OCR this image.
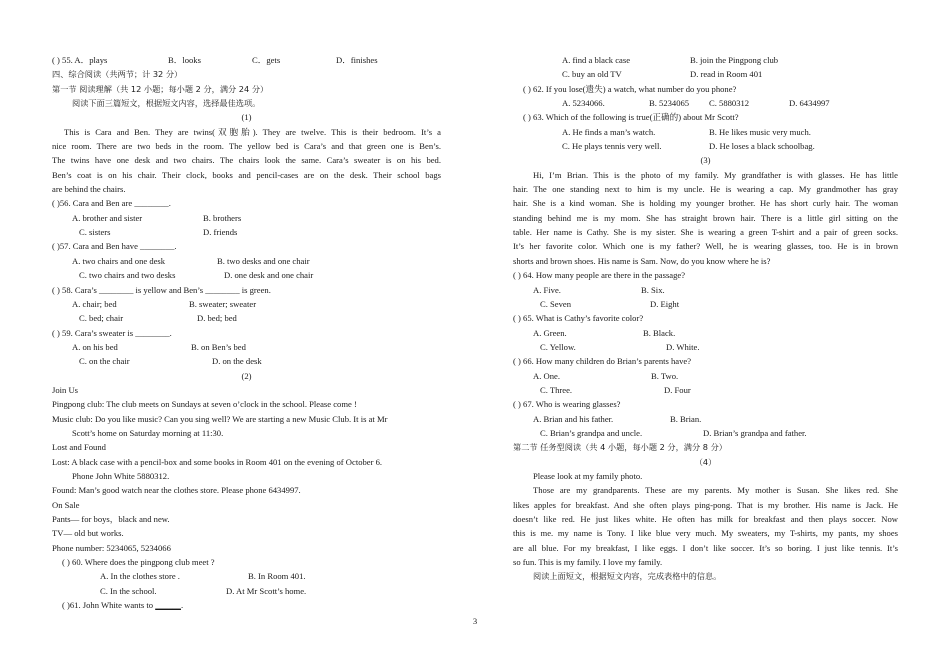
( ) 55. A．plays	B．looks	C．gets	D．finishes
四、综合阅读（共两节；计 32 分）
第一节 阅读理解（共 12 小题；每小题 2 分，满分 24 分）
阅读下面三篇短文，根据短文内容，选择最佳选项。
(1)
This is Cara and Ben. They are twins(双胞胎). They are twelve. This is their bedroom. It’s a
nice room. There are two beds in the room. The yellow bed is Cara’s and that green one is Ben’s.
The twins have one desk and two chairs. The chairs look the same. Cara’s sweater is on his bed.
Ben’s coat is on his chair. Their clock, books and pencil-cases are on the desk. Their school bags
are behind the chairs.
( )56. Cara and Ben are ________.
A. brother and sister	B. brothers
C. sisters	D. friends
( )57. Cara and Ben have ________.
A. two chairs and one desk	B. two desks and one chair
C. two chairs and two desks	D. one desk and one chair
( ) 58. Cara’s ________ is yellow and Ben’s ________ is green.
A. chair; bed	B. sweater; sweater
C. bed; chair	D. bed; bed
( ) 59. Cara’s sweater is ________.
A. on his bed	B. on Ben’s bed
C. on the chair	D. on the desk
(2)
Join Us
Pingpong club: The club meets on Sundays at seven o’clock in the school. Please come !
Music club: Do you like music? Can you sing well? We are starting a new Music Club. It is at Mr
Scott’s home on Saturday morning at 11:30.
Lost and Found
Lost: A black case with a pencil-box and some books in Room 401 on the evening of October 6.
Phone John White 5880312.
Found: Man’s good watch near the clothes store. Please phone 6434997.
On Sale
Pants— for boys，black and new.
TV— old but works.
Phone number: 5234065, 5234066
( ) 60. Where does the pingpong club meet ?
A. In the clothes store .	B. In Room 401.
C. In the school.	D. At Mr Scott’s home.
( )61. John White wants to ______.
A. find a black case	B. join the Pingpong club
C. buy an old TV	D. read in Room 401
( ) 62. If you lose(遗失) a watch, what number do you phone?
A. 5234066.	B. 5234065 C. 5880312	D. 6434997
( ) 63. Which of the following is true(正确的) about Mr Scott?
A. He finds a man’s watch.	B. He likes music very much.
C. He plays tennis very well.	D. He loses a black schoolbag.
(3)
Hi, I’m Brian. This is the photo of my family. My grandfather is with glasses. He has little
hair. The one standing next to him is my uncle. He is wearing a cap. My grandmother has gray
hair. She is a kind woman. She is holding my younger brother. He has short curly hair. The woman
standing behind me is my mom. She has straight brown hair. There is a little girl sitting on the
table. Her name is Cathy. She is my sister. She is wearing a green T-shirt and a pair of green socks.
It’s her favorite color. Which one is my father? Well, he is wearing glasses, too. He is in brown
shorts and brown shoes. His name is Sam. Now, do you know where he is?
( ) 64. How many people are there in the passage?
A. Five.	B. Six.
C. Seven	D. Eight
( ) 65. What is Cathy’s favorite color?
A. Green.	B. Black.
C. Yellow.	D. White.
( ) 66. How many children do Brian’s parents have?
A. One.	B. Two.
C. Three.	D. Four
( ) 67. Who is wearing glasses?
A. Brian and his father.	B. Brian.
C. Brian’s grandpa and uncle.	D. Brian’s grandpa and father.
第二节 任务型阅读（共 4 小题，每小题 2 分，满分 8 分）
（4）
Please look at my family photo.
Those are my grandparents. These are my parents. My mother is Susan. She likes red. She
likes apples for breakfast. And she often plays ping-pong. That is my brother. His name is Jack. He
doesn’t like red. He just likes white. He often has milk for breakfast and then plays soccer. Now
this is me. my name is Tony. I like blue very much. My sweaters, my T-shirts, my pants, my shoes
are all blue. For my breakfast, I like eggs. I don’t like soccer. It’s so boring. I just like tennis. It’s
so fun. This is my family. I love my family.
阅读上面短文，根据短文内容，完成表格中的信息。
3
